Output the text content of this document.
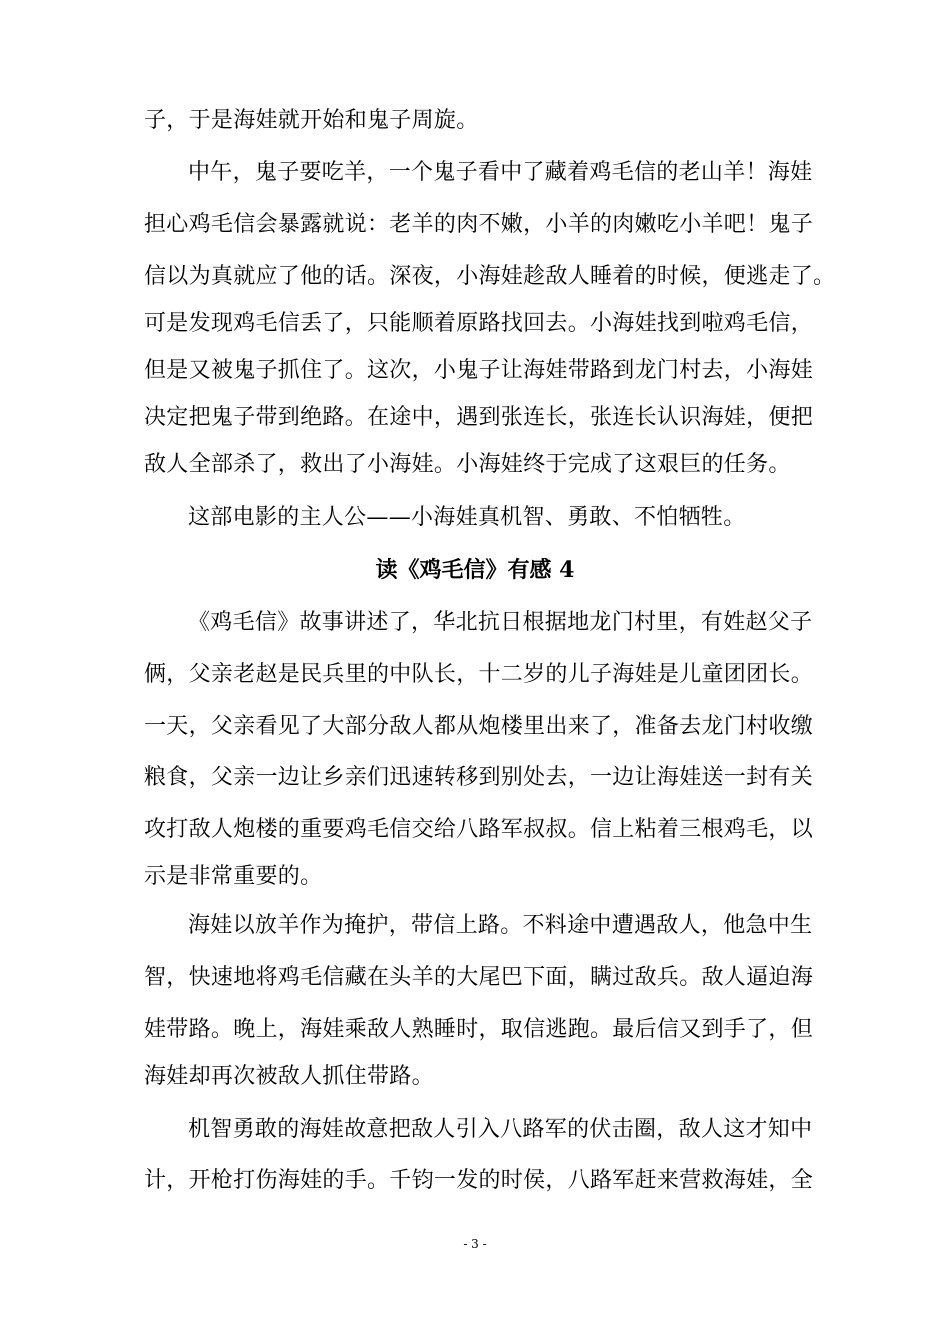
子，于是海娃就开始和鬼子周旋。
中午，鬼子要吃羊，一个鬼子看中了藏着鸡毛信的老山羊！海娃
担心鸡毛信会暴露就说：老羊的肉不嫩，小羊的肉嫩吃小羊吧！鬼子
信以为真就应了他的话。深夜，小海娃趁敌人睡着的时候，便逃走了。
可是发现鸡毛信丢了，只能顺着原路找回去。小海娃找到啦鸡毛信，
但是又被鬼子抓住了。这次，小鬼子让海娃带路到龙门村去，小海娃
决定把鬼子带到绝路。在途中，遇到张连长，张连长认识海娃，便把
敌人全部杀了，救出了小海娃。小海娃终于完成了这艰巨的任务。
这部电影的主人公——小海娃真机智、勇敢、不怕牺牲。
读《鸡毛信》有感 4
《鸡毛信》故事讲述了，华北抗日根据地龙门村里，有姓赵父子
俩，父亲老赵是民兵里的中队长，十二岁的儿子海娃是儿童团团长。
一天，父亲看见了大部分敌人都从炮楼里出来了，准备去龙门村收缴
粮食，父亲一边让乡亲们迅速转移到别处去，一边让海娃送一封有关
攻打敌人炮楼的重要鸡毛信交给八路军叔叔。信上粘着三根鸡毛，以
示是非常重要的。
海娃以放羊作为掩护，带信上路。不料途中遭遇敌人，他急中生
智，快速地将鸡毛信藏在头羊的大尾巴下面，瞒过敌兵。敌人逼迫海
娃带路。晚上，海娃乘敌人熟睡时，取信逃跑。最后信又到手了，但
海娃却再次被敌人抓住带路。
机智勇敢的海娃故意把敌人引入八路军的伏击圈，敌人这才知中
计，开枪打伤海娃的手。千钧一发的时侯，八路军赶来营救海娃，全
- 3 -
